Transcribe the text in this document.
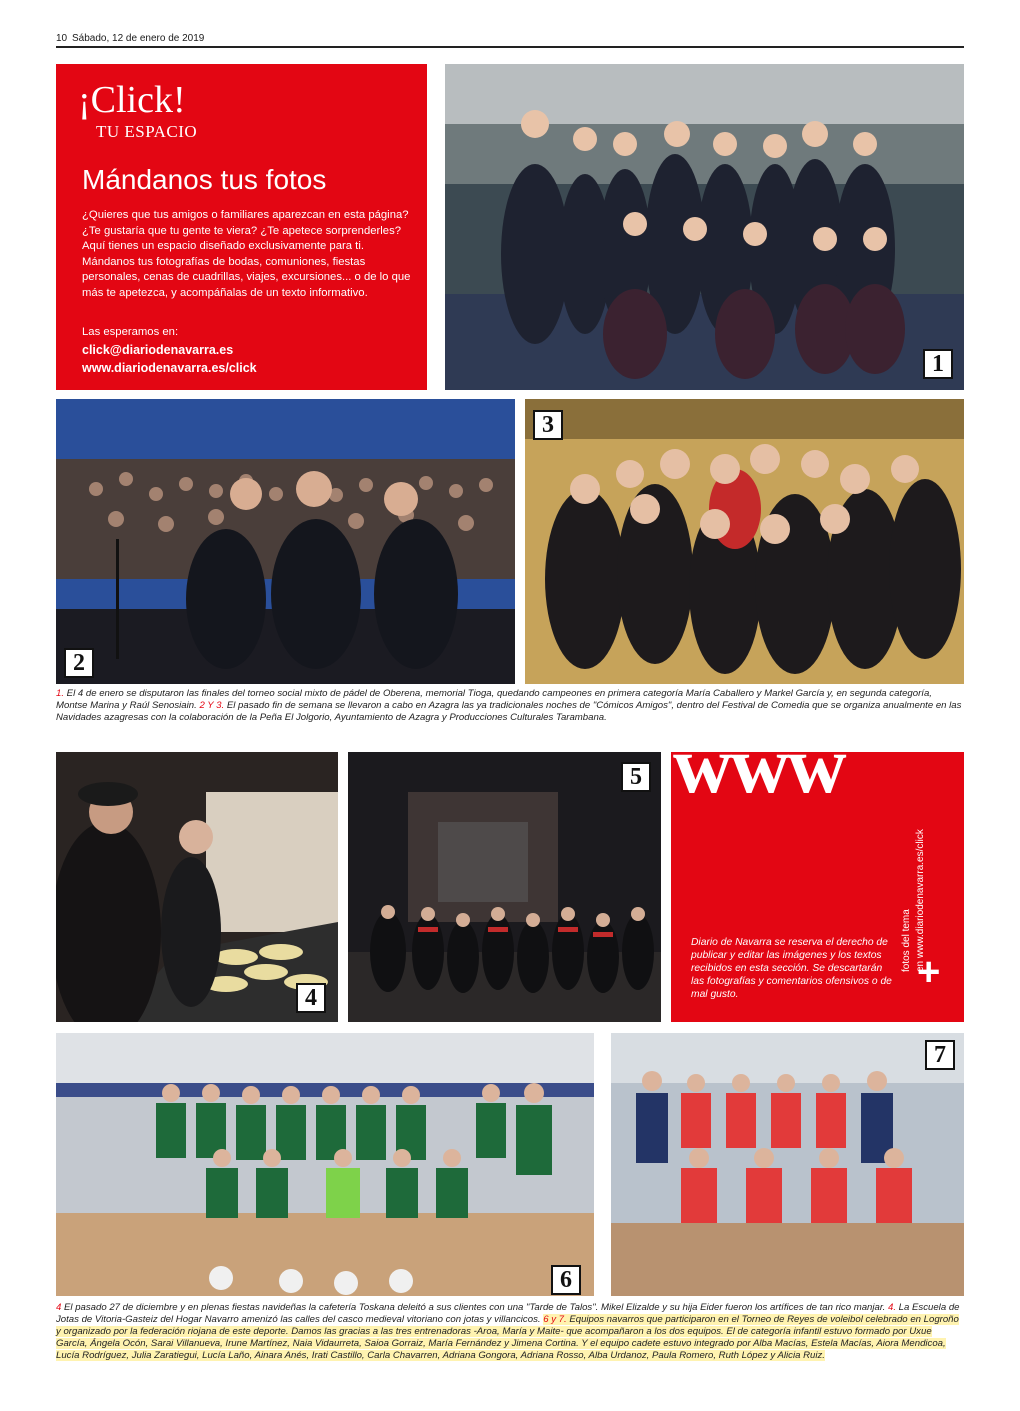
10 Sábado, 12 de enero de 2019
¡Click!
TU ESPACIO
Mándanos tus fotos
¿Quieres que tus amigos o familiares aparezcan en esta página? ¿Te gustaría que tu gente te viera? ¿Te apetece sorprenderles? Aquí tienes un espacio diseñado exclusivamente para ti. Mándanos tus fotografías de bodas, comuniones, fiestas personales, cenas de cuadrillas, viajes, excursiones... o de lo que más te apetezca, y acompáñalas de un texto informativo.
Las esperamos en:
click@diariodenavarra.es
www.diariodenavarra.es/click	1
2
3
1. El 4 de enero se disputaron las finales del torneo social mixto de pádel de Oberena, memorial Tioga, quedando campeones en primera categoría María Caballero y Markel García y, en segunda categoría, Montse Marina y Raúl Senosiain. 2 Y 3. El pasado fin de semana se llevaron a cabo en Azagra las ya tradicionales noches de "Cómicos Amigos", dentro del Festival de Comedia que se organiza anualmente en las Navidades azagresas con la colaboración de la Peña El Jolgorio, Ayuntamiento de Azagra y Producciones Culturales Tarambana.
4
5 www
Diario de Navarra se reserva el derecho de publicar y editar las imágenes y los textos recibidos en esta sección. Se descartarán las fotografías y comentarios ofensivos o de mal gusto.
fotos del tema en www.diariodenavarra.es/click
+
6
7
4 El pasado 27 de diciembre y en plenas fiestas navideñas la cafetería Toskana deleitó a sus clientes con una "Tarde de Talos". Mikel Elizalde y su hija Eider fueron los artífices de tan rico manjar. 4. La Escuela de Jotas de Vitoria-Gasteiz del Hogar Navarro amenizó las calles del casco medieval vitoriano con jotas y villancicos. 6 y 7. Equipos navarros que participaron en el Torneo de Reyes de voleibol celebrado en Logroño y organizado por la federación riojana de este deporte. Damos las gracias a las tres entrenadoras -Aroa, María y Maite- que acompañaron a los dos equipos. El de categoría infantil estuvo formado por Uxue García, Ángela Ocón, Sarai Villanueva, Irune Martínez, Naia Vidaurreta, Saioa Gorraiz, María Fernández y Jimena Cortina. Y el equipo cadete estuvo integrado por Alba Macías, Estela Macías, Aiora Mendicoa, Lucía Rodríguez, Julia Zaratiegui, Lucía Laño, Ainara Anés, Irati Castillo, Carla Chavarren, Adriana Gongora, Adriana Rosso, Alba Urdanoz, Paula Romero, Ruth López y Alicia Ruiz.
